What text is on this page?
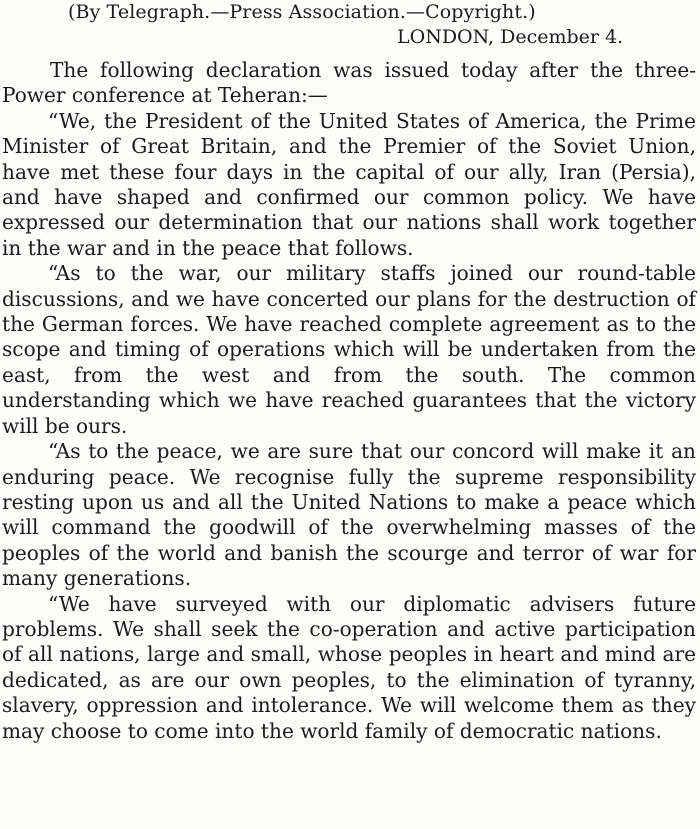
(By Telegraph.—Press Association.—Copyright.)
LONDON, December 4.

The following declaration was issued today after the three-Power conference at Teheran:—

“We, the President of the United States of America, the Prime Minister of Great Britain, and the Premier of the Soviet Union, have met these four days in the capital of our ally, Iran (Persia), and have shaped and confirmed our common policy. We have expressed our determination that our nations shall work together in the war and in the peace that follows.

“As to the war, our military staffs joined our round-table discussions, and we have concerted our plans for the destruction of the German forces. We have reached complete agreement as to the scope and timing of operations which will be undertaken from the east, from the west and from the south. The common understanding which we have reached guarantees that the victory will be ours.

“As to the peace, we are sure that our concord will make it an enduring peace. We recognise fully the supreme responsibility resting upon us and all the United Nations to make a peace which will command the goodwill of the overwhelming masses of the peoples of the world and banish the scourge and terror of war for many generations.

“We have surveyed with our diplomatic advisers future problems. We shall seek the co-operation and active participation of all nations, large and small, whose peoples in heart and mind are dedicated, as are our own peoples, to the elimination of tyranny, slavery, oppression and intolerance. We will welcome them as they may choose to come into the world family of democratic nations.
